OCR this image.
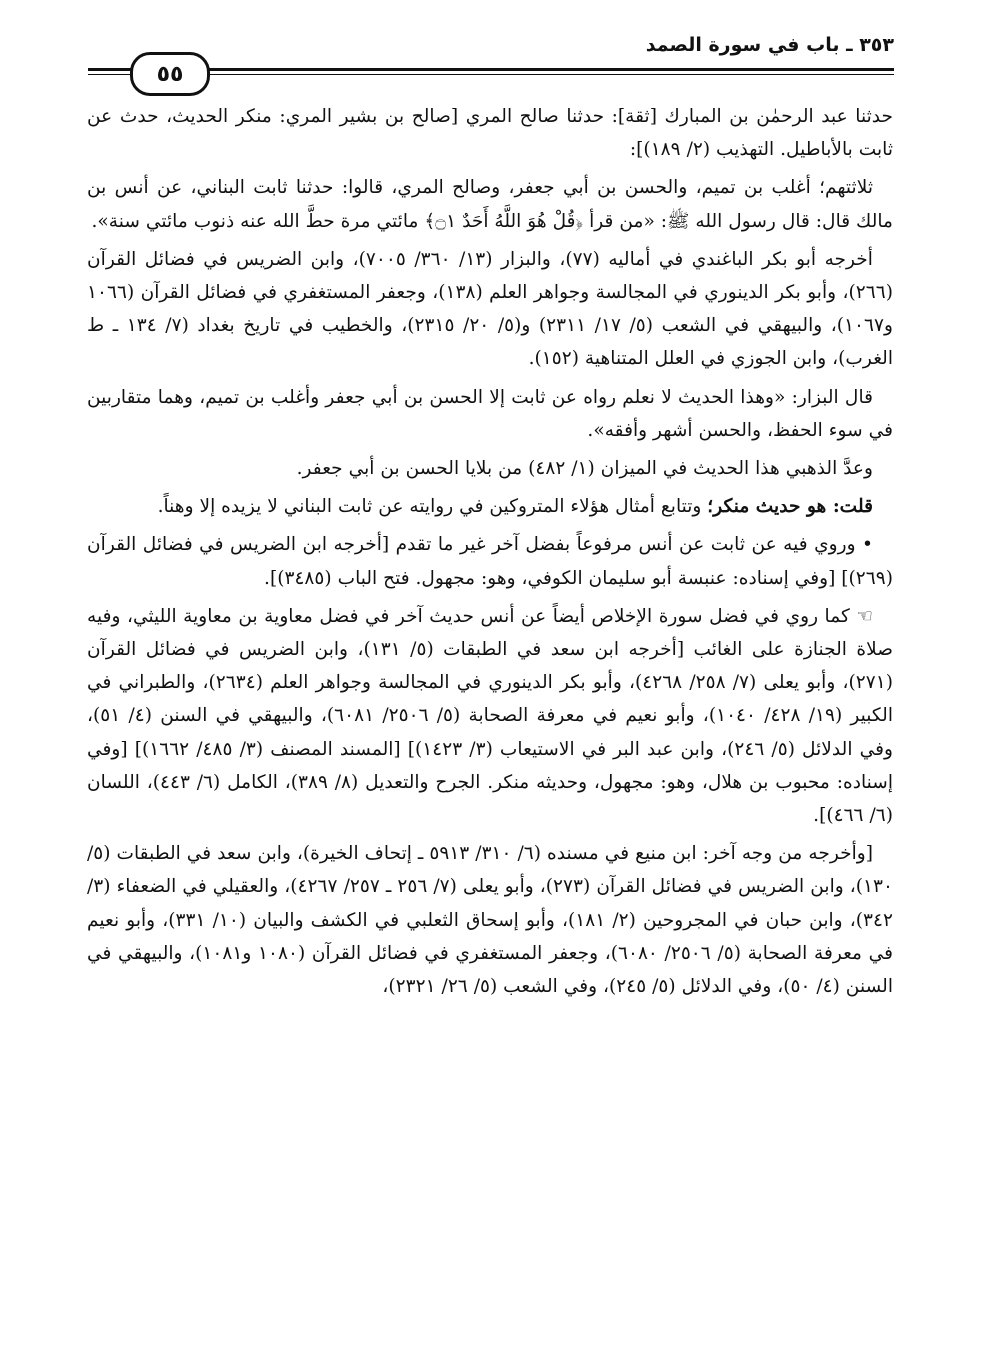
٣٥٣ ـ باب في سورة الصمد
٥٥

حدثنا عبد الرحمٰن بن المبارك [ثقة]: حدثنا صالح المري [صالح بن بشير المري: منكر الحديث، حدث عن ثابت بالأباطيل. التهذيب (٢/ ١٨٩)]:

ثلاثتهم؛ أغلب بن تميم، والحسن بن أبي جعفر، وصالح المري، قالوا: حدثنا ثابت البناني، عن أنس بن مالك قال: قال رسول الله ﷺ: «من قرأ ﴿قُلْ هُوَ اللَّهُ أَحَدٌ ۝١﴾ مائتي مرة حطَّ الله عنه ذنوب مائتي سنة».

أخرجه أبو بكر الباغندي في أماليه (٧٧)، والبزار (١٣/ ٣٦٠/ ٧٠٠٥)، وابن الضريس في فضائل القرآن (٢٦٦)، وأبو بكر الدينوري في المجالسة وجواهر العلم (١٣٨)، وجعفر المستغفري في فضائل القرآن (١٠٦٦ و١٠٦٧)، والبيهقي في الشعب (٥/ ١٧/ ٢٣١١) و(٥/ ٢٠/ ٢٣١٥)، والخطيب في تاريخ بغداد (٧/ ١٣٤ ـ ط الغرب)، وابن الجوزي في العلل المتناهية (١٥٢).

قال البزار: «وهذا الحديث لا نعلم رواه عن ثابت إلا الحسن بن أبي جعفر وأغلب بن تميم، وهما متقاربين في سوء الحفظ، والحسن أشهر وأفقه».

وعدَّ الذهبي هذا الحديث في الميزان (١/ ٤٨٢) من بلايا الحسن بن أبي جعفر.

قلت: هو حديث منكر؛ وتتابع أمثال هؤلاء المتروكين في روايته عن ثابت البناني لا يزيده إلا وهناً.

• وروي فيه عن ثابت عن أنس مرفوعاً بفضل آخر غير ما تقدم [أخرجه ابن الضريس في فضائل القرآن (٢٦٩)] [وفي إسناده: عنبسة أبو سليمان الكوفي، وهو: مجهول. فتح الباب (٣٤٨٥)].

☜ كما روي في فضل سورة الإخلاص أيضاً عن أنس حديث آخر في فضل معاوية بن معاوية الليثي، وفيه صلاة الجنازة على الغائب [أخرجه ابن سعد في الطبقات (٥/ ١٣١)، وابن الضريس في فضائل القرآن (٢٧١)، وأبو يعلى (٧/ ٢٥٨/ ٤٢٦٨)، وأبو بكر الدينوري في المجالسة وجواهر العلم (٢٦٣٤)، والطبراني في الكبير (١٩/ ٤٢٨/ ١٠٤٠)، وأبو نعيم في معرفة الصحابة (٥/ ٢٥٠٦/ ٦٠٨١)، والبيهقي في السنن (٤/ ٥١)، وفي الدلائل (٥/ ٢٤٦)، وابن عبد البر في الاستيعاب (٣/ ١٤٢٣)] [المسند المصنف (٣/ ٤٨٥/ ١٦٦٢)] [وفي إسناده: محبوب بن هلال، وهو: مجهول، وحديثه منكر. الجرح والتعديل (٨/ ٣٨٩)، الكامل (٦/ ٤٤٣)، اللسان (٦/ ٤٦٦)].

[وأخرجه من وجه آخر: ابن منيع في مسنده (٦/ ٣١٠/ ٥٩١٣ ـ إتحاف الخيرة)، وابن سعد في الطبقات (٥/ ١٣٠)، وابن الضريس في فضائل القرآن (٢٧٣)، وأبو يعلى (٧/ ٢٥٦ ـ ٢٥٧/ ٤٢٦٧)، والعقيلي في الضعفاء (٣/ ٣٤٢)، وابن حبان في المجروحين (٢/ ١٨١)، وأبو إسحاق الثعلبي في الكشف والبيان (١٠/ ٣٣١)، وأبو نعيم في معرفة الصحابة (٥/ ٢٥٠٦/ ٦٠٨٠)، وجعفر المستغفري في فضائل القرآن (١٠٨٠ و١٠٨١)، والبيهقي في السنن (٤/ ٥٠)، وفي الدلائل (٥/ ٢٤٥)، وفي الشعب (٥/ ٢٦/ ٢٣٢١)،
